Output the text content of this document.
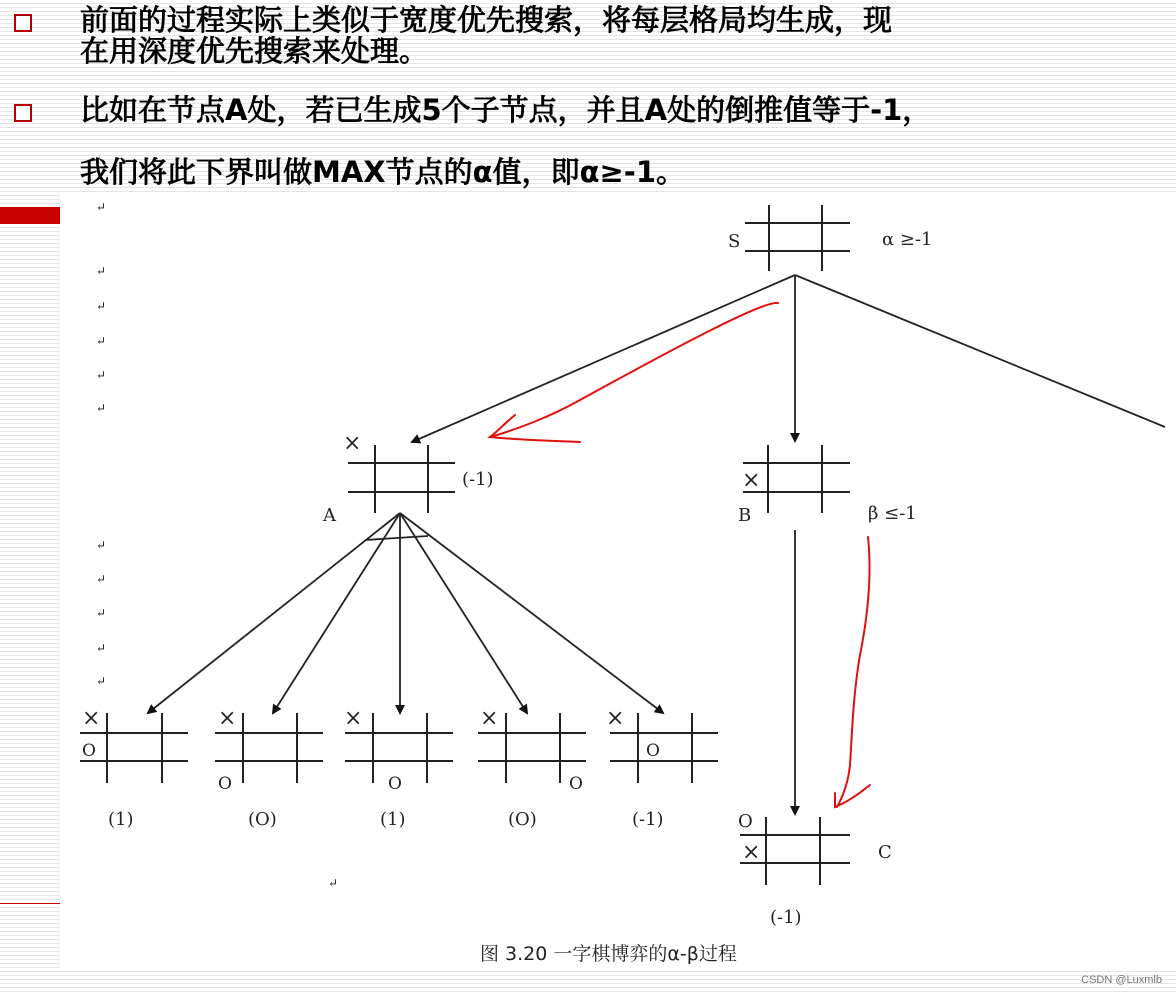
前面的过程实际上类似于宽度优先搜索，将每层格局均生成，现
在用深度优先搜索来处理。
比如在节点A处，若已生成5个子节点，并且A处的倒推值等于-1，

我们将此下界叫做MAX节点的α值，即α≥-1。
↵
↵
↵
↵
↵
↵
↵
↵
↵
↵
↵
↵
S	α ≥-1
×
A
(-1)	×
B	β ≤-1
O
×	C
(-1)
×
O
(1)
×
O
(O)
×
O
(1)
×
O
(O)
×
O
(-1)
图 3.20 一字棋博弈的α-β过程
CSDN @Luxmlb
